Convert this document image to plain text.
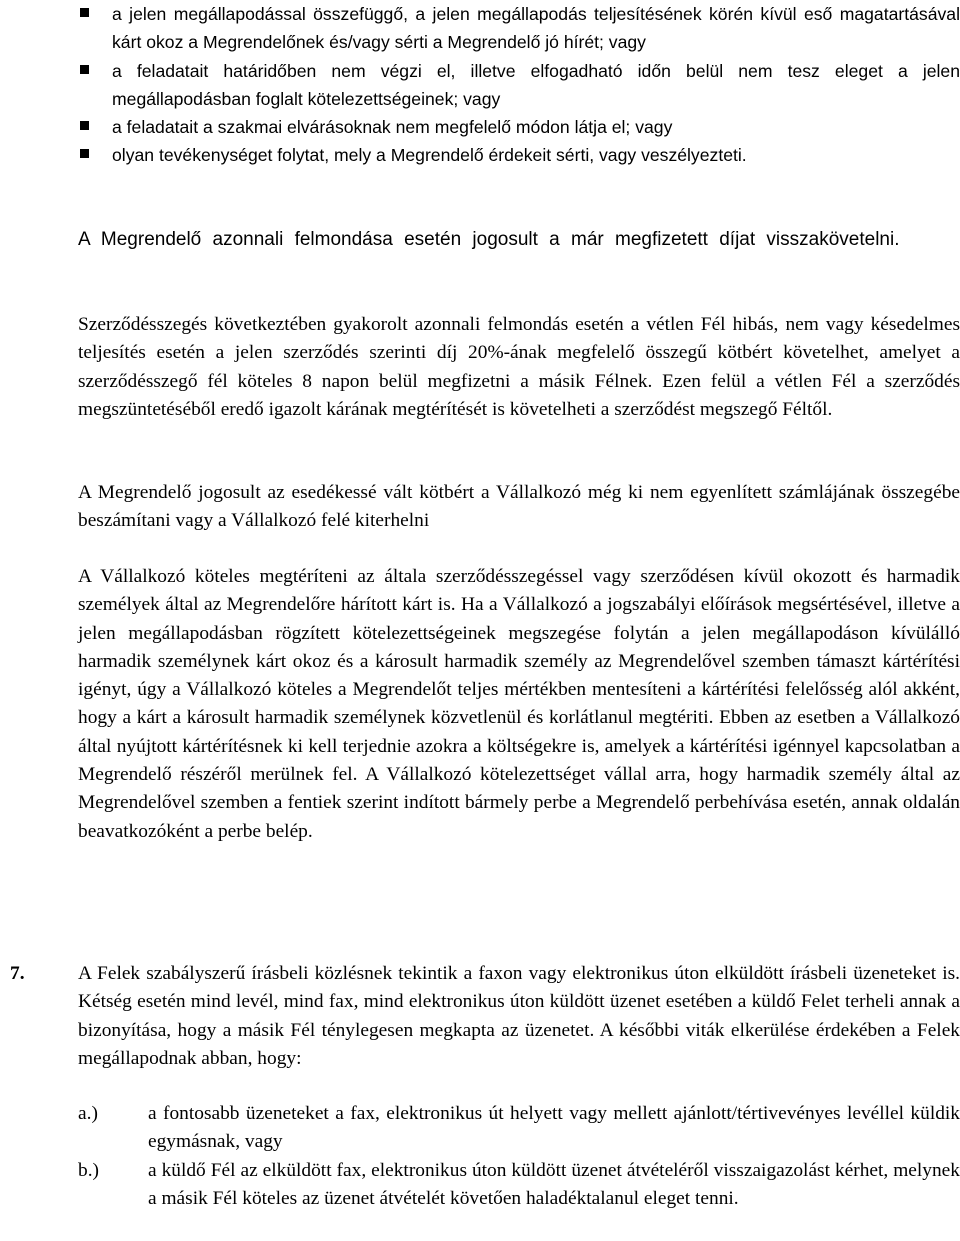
a jelen megállapodással összefüggő, a jelen megállapodás teljesítésének körén kívül eső magatartásával kárt okoz a Megrendelőnek és/vagy sérti a Megrendelő jó hírét; vagy
a feladatait határidőben nem végzi el, illetve elfogadható időn belül nem tesz eleget a jelen megállapodásban foglalt kötelezettségeinek; vagy
a feladatait a szakmai elvárásoknak nem megfelelő módon látja el; vagy
olyan tevékenységet folytat, mely a Megrendelő érdekeit sérti, vagy veszélyezteti.

A Megrendelő azonnali felmondása esetén jogosult a már megfizetett díjat visszakövetelni.

Szerződésszegés következtében gyakorolt azonnali felmondás esetén a vétlen Fél hibás, nem vagy késedelmes teljesítés esetén a jelen szerződés szerinti díj 20%-ának megfelelő összegű kötbért követelhet, amelyet a szerződésszegő fél köteles 8 napon belül megfizetni a másik Félnek. Ezen felül a vétlen Fél a szerződés megszüntetéséből eredő igazolt kárának megtérítését is követelheti a szerződést megszegő Féltől.

A Megrendelő jogosult az esedékessé vált kötbért a Vállalkozó még ki nem egyenlített számlájának összegébe beszámítani vagy a Vállalkozó felé kiterhelni

A Vállalkozó köteles megtéríteni az általa szerződésszegéssel vagy szerződésen kívül okozott és harmadik személyek által az Megrendelőre hárított kárt is. Ha a Vállalkozó a jogszabályi előírások megsértésével, illetve a jelen megállapodásban rögzített kötelezettségeinek megszegése folytán a jelen megállapodáson kívülálló harmadik személynek kárt okoz és a károsult harmadik személy az Megrendelővel szemben támaszt kártérítési igényt, úgy a Vállalkozó köteles a Megrendelőt teljes mértékben mentesíteni a kártérítési felelősség alól akként, hogy a kárt a károsult harmadik személynek közvetlenül és korlátlanul megtériti. Ebben az esetben a Vállalkozó által nyújtott kártérítésnek ki kell terjednie azokra a költségekre is, amelyek a kártérítési igénnyel kapcsolatban a Megrendelő részéről merülnek fel. A Vállalkozó kötelezettséget vállal arra, hogy harmadik személy által az Megrendelővel szemben a fentiek szerint indított bármely perbe a Megrendelő perbehívása esetén, annak oldalán beavatkozóként a perbe belép.

7.	A Felek szabályszerű írásbeli közlésnek tekintik a faxon vagy elektronikus úton elküldött írásbeli üzeneteket is. Kétség esetén mind levél, mind fax, mind elektronikus úton küldött üzenet esetében a küldő Felet terheli annak a bizonyítása, hogy a másik Fél ténylegesen megkapta az üzenetet. A későbbi viták elkerülése érdekében a Felek megállapodnak abban, hogy:

a.)	a fontosabb üzeneteket a fax, elektronikus út helyett vagy mellett ajánlott/tértivevényes levéllel küldik egymásnak, vagy
b.)	a küldő Fél az elküldött fax, elektronikus úton küldött üzenet átvételéről visszaigazolást kérhet, melynek a másik Fél köteles az üzenet átvételét követően haladéktalanul eleget tenni.
